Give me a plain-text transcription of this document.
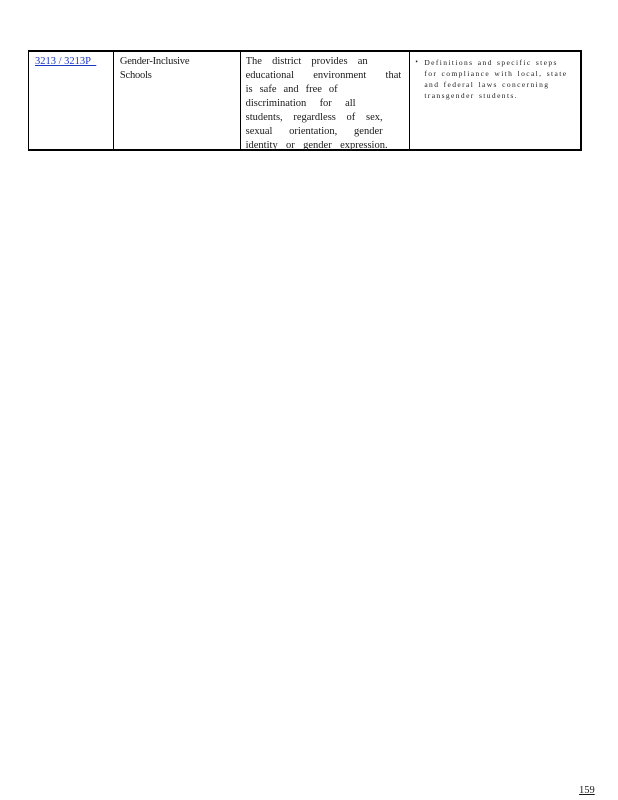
3213 / 3213P	Gender-Inclusive
Schools
The district provides an
educational environment that
is safe and free of
discrimination for all
students, regardless of sex,
sexual orientation, gender
identity or gender expression.
• Definitions and specific steps
for compliance with local, state
and federal laws concerning
transgender students.
159
